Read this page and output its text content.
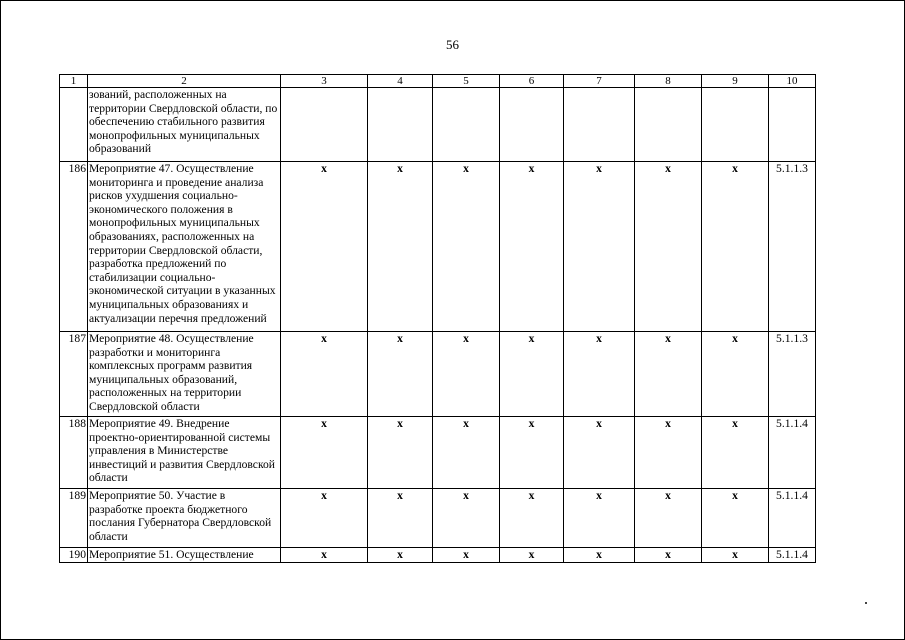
56
1	2	3	4	5	6	7	8	9	10
	зований, расположенных на территории Свердловской области, по обеспечению стабильного развития монопрофильных муниципальных образований								
186	Мероприятие 47. Осуществление мониторинга и проведение анализа рисков ухудшения социально-экономического положения в монопрофильных муниципальных образованиях, расположенных на территории Свердловской области, разработка предложений по стабилизации социально-экономической ситуации в указанных муниципальных образованиях и актуализации перечня предложений	х	х	х	х	х	х	х	5.1.1.3
187	Мероприятие 48. Осуществление разработки и мониторинга комплексных программ развития муниципальных образований, расположенных на территории Свердловской области	х	х	х	х	х	х	х	5.1.1.3
188	Мероприятие 49. Внедрение проектно-ориентированной системы управления в Министерстве инвестиций и развития Свердловской области	х	х	х	х	х	х	х	5.1.1.4
189	Мероприятие 50. Участие в разработке проекта бюджетного послания Губернатора Свердловской области	х	х	х	х	х	х	х	5.1.1.4
190	Мероприятие 51. Осуществление	х	х	х	х	х	х	х	5.1.1.4
